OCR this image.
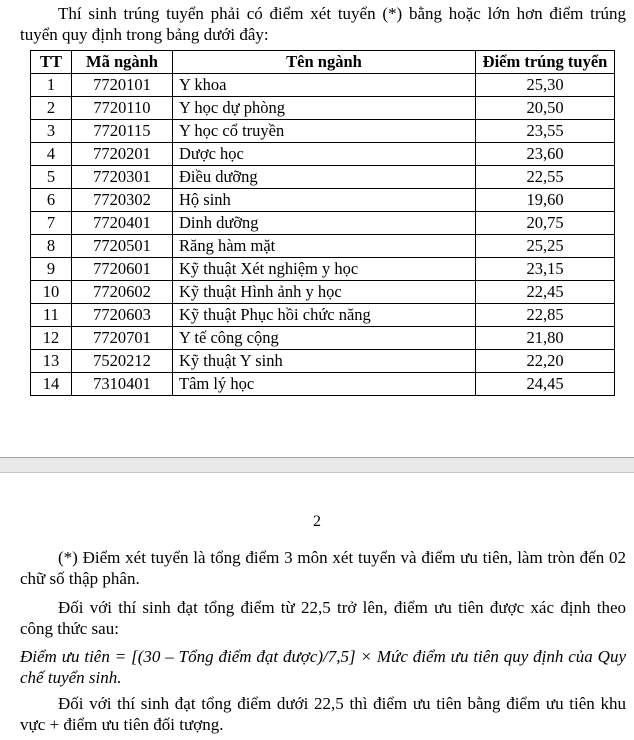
Thí sinh trúng tuyển phải có điểm xét tuyển (*) bằng hoặc lớn hơn điểm trúng tuyển quy định trong bảng dưới đây:

TT	Mã ngành	Tên ngành	Điểm trúng tuyển
1	7720101	Y khoa	25,30
2	7720110	Y học dự phòng	20,50
3	7720115	Y học cổ truyền	23,55
4	7720201	Dược học	23,60
5	7720301	Điều dưỡng	22,55
6	7720302	Hộ sinh	19,60
7	7720401	Dinh dưỡng	20,75
8	7720501	Răng hàm mặt	25,25
9	7720601	Kỹ thuật Xét nghiệm y học	23,15
10	7720602	Kỹ thuật Hình ảnh y học	22,45
11	7720603	Kỹ thuật Phục hồi chức năng	22,85
12	7720701	Y tế công cộng	21,80
13	7520212	Kỹ thuật Y sinh	22,20
14	7310401	Tâm lý học	24,45
2

(*) Điểm xét tuyển là tổng điểm 3 môn xét tuyển và điểm ưu tiên, làm tròn đến 02 chữ số thập phân.

Đối với thí sinh đạt tổng điểm từ 22,5 trở lên, điểm ưu tiên được xác định theo công thức sau:

Điểm ưu tiên = [(30 – Tổng điểm đạt được)/7,5] × Mức điểm ưu tiên quy định của Quy chế tuyển sinh.

Đối với thí sinh đạt tổng điểm dưới 22,5 thì điểm ưu tiên bằng điểm ưu tiên khu vực + điểm ưu tiên đối tượng.
